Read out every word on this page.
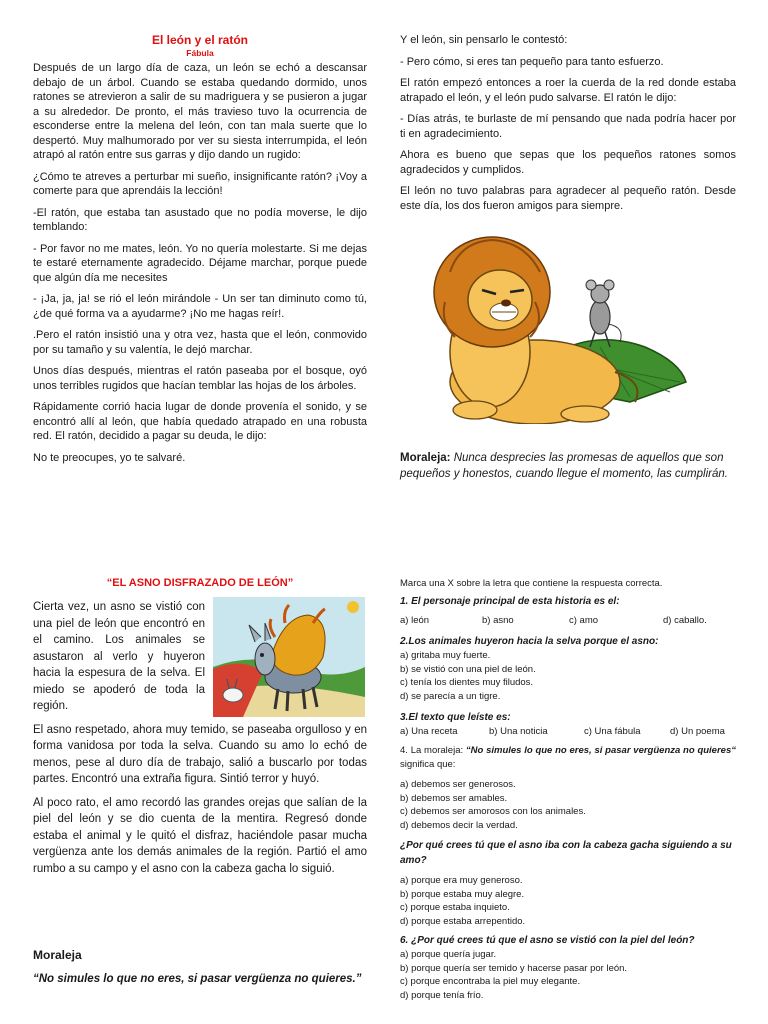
El león y el ratón
Fábula

Después de un largo día de caza, un león se echó a descansar debajo de un árbol. Cuando se estaba quedando dormido, unos ratones se atrevieron a salir de su madriguera y se pusieron a jugar a su alrededor. De pronto, el más travieso tuvo la ocurrencia de esconderse entre la melena del león, con tan mala suerte que lo despertó. Muy malhumorado por ver su siesta interrumpida, el león atrapó al ratón entre sus garras y dijo dando un rugido:

¿Cómo te atreves a perturbar mi sueño, insignificante ratón? ¡Voy a comerte para que aprendáis la lección!

-El ratón, que estaba tan asustado que no podía moverse, le dijo temblando:

- Por favor no me mates, león. Yo no quería molestarte. Si me dejas te estaré eternamente agradecido. Déjame marchar, porque puede que algún día me necesites

- ¡Ja, ja, ja! se rió el león mirándole - Un ser tan diminuto como tú, ¿de qué forma va a ayudarme? ¡No me hagas reír!.

.Pero el ratón insistió una y otra vez, hasta que el león, conmovido por su tamaño y su valentía, le dejó marchar.

Unos días después, mientras el ratón paseaba por el bosque, oyó unos terribles rugidos que hacían temblar las hojas de los árboles.

Rápidamente corrió hacia lugar de donde provenía el sonido, y se encontró allí al león, que había quedado atrapado en una robusta red. El ratón, decidido a pagar su deuda, le dijo:

No te preocupes, yo te salvaré.

Y el león, sin pensarlo le contestó:

- Pero cómo, si eres tan pequeño para tanto esfuerzo.

El ratón empezó entonces a roer la cuerda de la red donde estaba atrapado el león, y el león pudo salvarse. El ratón le dijo:

- Días atrás, te burlaste de mí pensando que nada podría hacer por ti en agradecimiento.

Ahora es bueno que sepas que los pequeños ratones somos agradecidos y cumplidos.

El león no tuvo palabras para agradecer al pequeño ratón. Desde este día, los dos fueron amigos para siempre.

Moraleja: Nunca desprecies las promesas de aquellos que son pequeños y honestos, cuando llegue el momento, las cumplirán.
“EL ASNO DISFRAZADO DE LEÓN”

Cierta vez, un asno se vistió con una piel de león que encontró en el camino. Los animales se asustaron al verlo y huyeron hacia la espesura de la selva. El miedo se apoderó de toda la región.

El asno respetado, ahora muy temido, se paseaba orgulloso y en forma vanidosa por toda la selva. Cuando su amo lo echó de menos, pese al duro día de trabajo, salió a buscarlo por todas partes. Encontró una extraña figura. Sintió terror y huyó.

Al poco rato, el amo recordó las grandes orejas que salían de la piel del león y se dio cuenta de la mentira. Regresó donde estaba el animal y le quitó el disfraz, haciéndole pasar mucha vergüenza ante los demás animales de la región. Partió el amo rumbo a su campo y el asno con la cabeza gacha lo siguió.

Moraleja
“No simules lo que no eres, si pasar vergüenza no quieres.”

Marca una X sobre la letra que contiene la respuesta correcta.

1. El personaje principal de esta historia es el:

a) león	b) asno	c) amo	d) caballo.

2.Los animales huyeron hacia la selva porque el asno:

a) gritaba muy fuerte.

b) se vistió con una piel de león.

c) tenía los dientes muy filudos.

d) se parecía a un tigre.

3.El texto que leíste es:

a) Una receta	b) Una noticia	c) Una fábula	d) Un poema

4. La moraleja: “No simules lo que no eres, si pasar vergüenza no quieres“ significa que:

a) debemos ser generosos.

b) debemos ser amables.

c) debemos ser amorosos con los animales.

d) debemos decir la verdad.

¿Por qué crees tú que el asno iba con la cabeza gacha siguiendo a su amo?

a) porque era muy generoso.

b) porque estaba muy alegre.

c) porque estaba inquieto.

d) porque estaba arrepentido.

6. ¿Por qué crees tú que el asno se vistió con la piel del león?

a) porque quería jugar.

b) porque quería ser temido y hacerse pasar por león.

c) porque encontraba la piel muy elegante.

d) porque tenía frío.
